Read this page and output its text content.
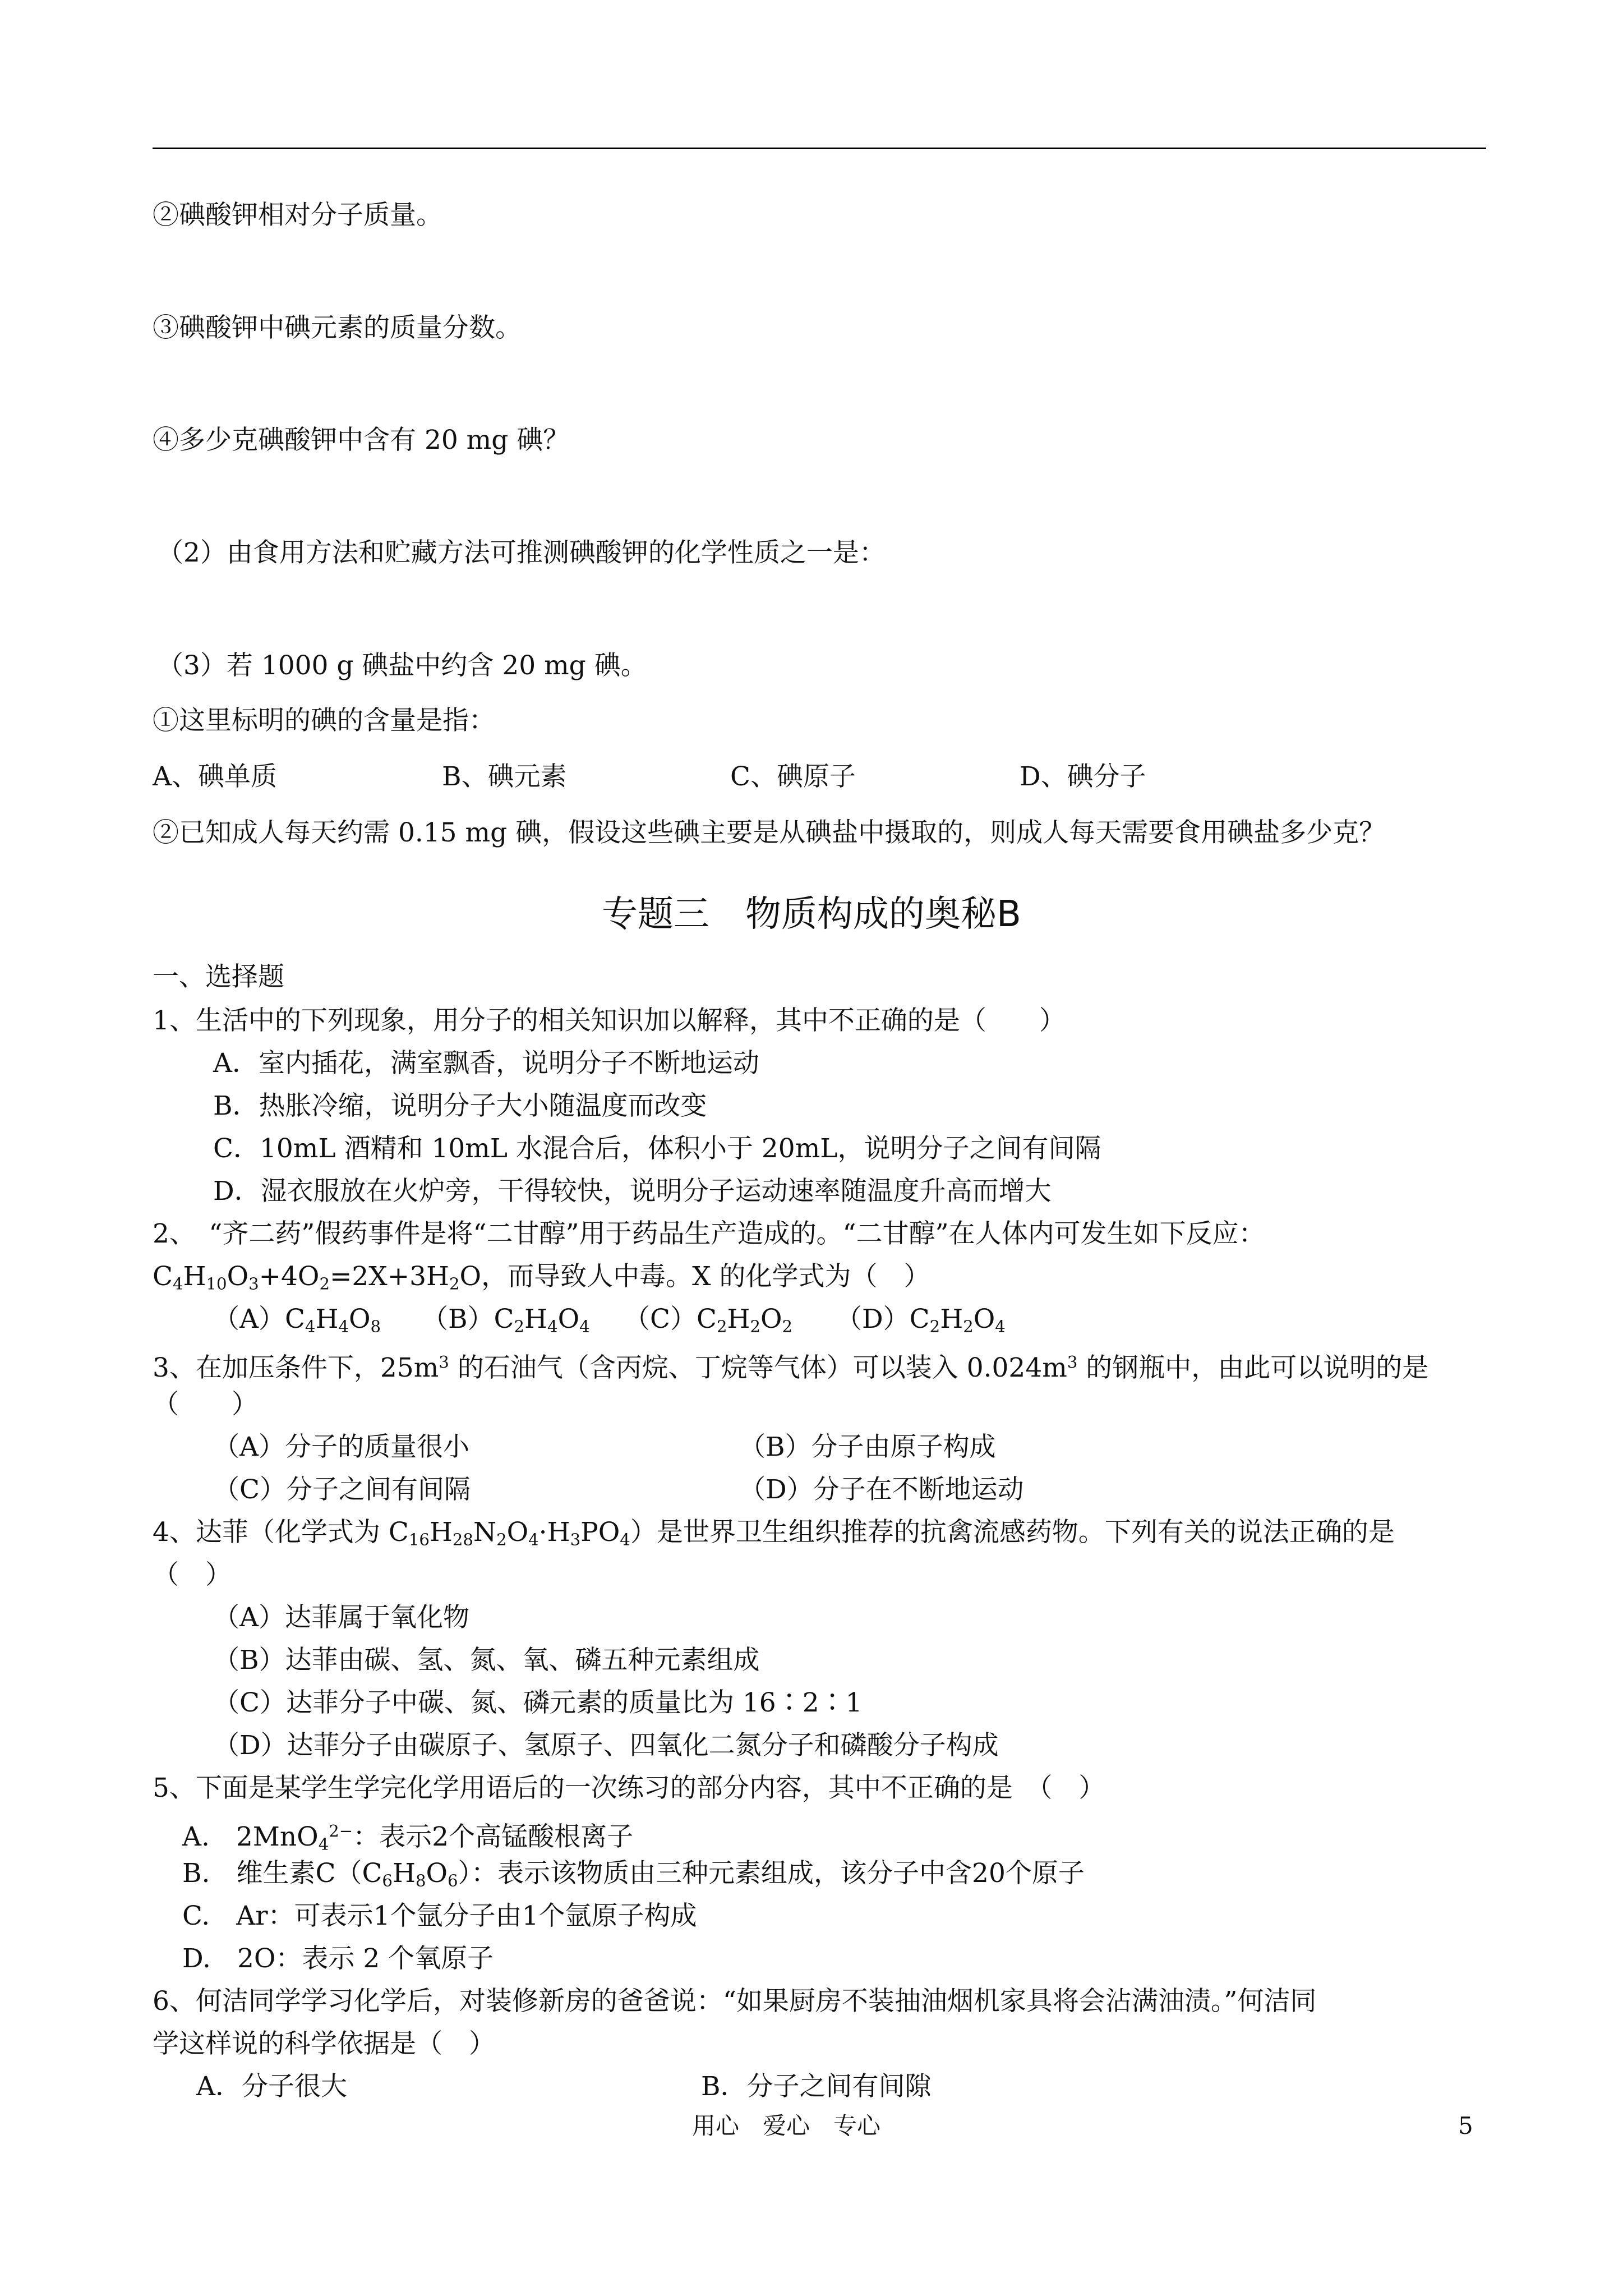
②碘酸钾相对分子质量。
③碘酸钾中碘元素的质量分数。
④多少克碘酸钾中含有 20 mg 碘？
（2）由食用方法和贮藏方法可推测碘酸钾的化学性质之一是：
（3）若 1000 g 碘盐中约含 20 mg 碘。
①这里标明的碘的含量是指：
A、碘单质	B、碘元素	C、碘原子	D、碘分子
②已知成人每天约需 0.15 mg 碘，假设这些碘主要是从碘盐中摄取的，则成人每天需要食用碘盐多少克？
专题三　物质构成的奥秘B
一、选择题
1、生活中的下列现象，用分子的相关知识加以解释，其中不正确的是（　　）
A．室内插花，满室飘香，说明分子不断地运动
B．热胀冷缩，说明分子大小随温度而改变
C．10mL 酒精和 10mL 水混合后，体积小于 20mL，说明分子之间有间隔
D．湿衣服放在火炉旁，干得较快，说明分子运动速率随温度升高而增大
2、　“齐二药”假药事件是将“二甘醇”用于药品生产造成的。“二甘醇”在人体内可发生如下反应：
$C_4H_{10}O_3+4O_2=2X+3H_2O$，而导致人中毒。X 的化学式为（　）
$(A)C_4H_4O_8$ $(B)C_2H_4O_4$ $(C)C_2H_2O_2$ $(D)C_2H_2O_4$
3、在加压条件下，$25m^3$ 的石油气（含丙烷、丁烷等气体）可以装入 $0.024m^3$ 的钢瓶中，由此可以说明的是
（　　）
（A）分子的质量很小	（B）分子由原子构成
（C）分子之间有间隔	（D）分子在不断地运动
4、达菲（化学式为 $C_{16}H_{28}N_2O_4\cdot H_3PO_4$）是世界卫生组织推荐的抗禽流感药物。下列有关的说法正确的是
（　）
（A）达菲属于氧化物
（B）达菲由碳、氢、氮、氧、磷五种元素组成
（C）达菲分子中碳、氮、磷元素的质量比为 16∶2∶1
（D）达菲分子由碳原子、氢原子、四氧化二氮分子和磷酸分子构成
5、下面是某学生学完化学用语后的一次练习的部分内容，其中不正确的是　（　）
A.　2MnO$_4^{2-}$：表示2个高锰酸根离子
B.　维生素$C(C_6H_8O_6)$：表示该物质由三种元素组成，该分子中含20个原子
C.　Ar：可表示1个氩分子由1个氩原子构成
D.　2O：表示 2 个氧原子
6、何洁同学学习化学后，对装修新房的爸爸说：“如果厨房不装抽油烟机家具将会沾满油渍。”何洁同
学这样说的科学依据是（　）
A．分子很大	B．分子之间有间隙
用心　爱心　专心	5
